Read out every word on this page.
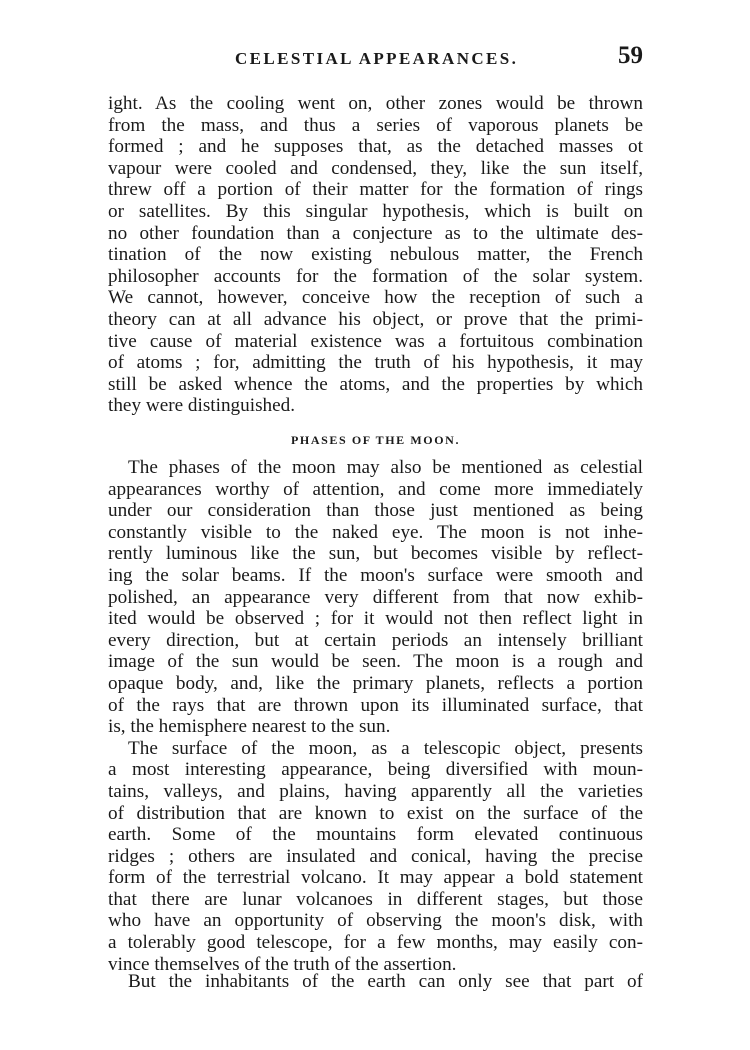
CELESTIAL APPEARANCES.	59
ight. As the cooling went on, other zones would be thrown
from the mass, and thus a series of vaporous planets be
formed ; and he supposes that, as the detached masses ot
vapour were cooled and condensed, they, like the sun itself,
threw off a portion of their matter for the formation of rings
or satellites. By this singular hypothesis, which is built on
no other foundation than a conjecture as to the ultimate des-
tination of the now existing nebulous matter, the French
philosopher accounts for the formation of the solar system.
We cannot, however, conceive how the reception of such a
theory can at all advance his object, or prove that the primi-
tive cause of material existence was a fortuitous combination
of atoms ; for, admitting the truth of his hypothesis, it may
still be asked whence the atoms, and the properties by which
they were distinguished.
PHASES OF THE MOON.
The phases of the moon may also be mentioned as celestial
appearances worthy of attention, and come more immediately
under our consideration than those just mentioned as being
constantly visible to the naked eye. The moon is not inhe-
rently luminous like the sun, but becomes visible by reflect-
ing the solar beams. If the moon's surface were smooth and
polished, an appearance very different from that now exhib-
ited would be observed ; for it would not then reflect light in
every direction, but at certain periods an intensely brilliant
image of the sun would be seen. The moon is a rough and
opaque body, and, like the primary planets, reflects a portion
of the rays that are thrown upon its illuminated surface, that
is, the hemisphere nearest to the sun.
The surface of the moon, as a telescopic object, presents
a most interesting appearance, being diversified with moun-
tains, valleys, and plains, having apparently all the varieties
of distribution that are known to exist on the surface of the
earth. Some of the mountains form elevated continuous
ridges ; others are insulated and conical, having the precise
form of the terrestrial volcano. It may appear a bold statement
that there are lunar volcanoes in different stages, but those
who have an opportunity of observing the moon's disk, with
a tolerably good telescope, for a few months, may easily con-
vince themselves of the truth of the assertion.
But the inhabitants of the earth can only see that part of
